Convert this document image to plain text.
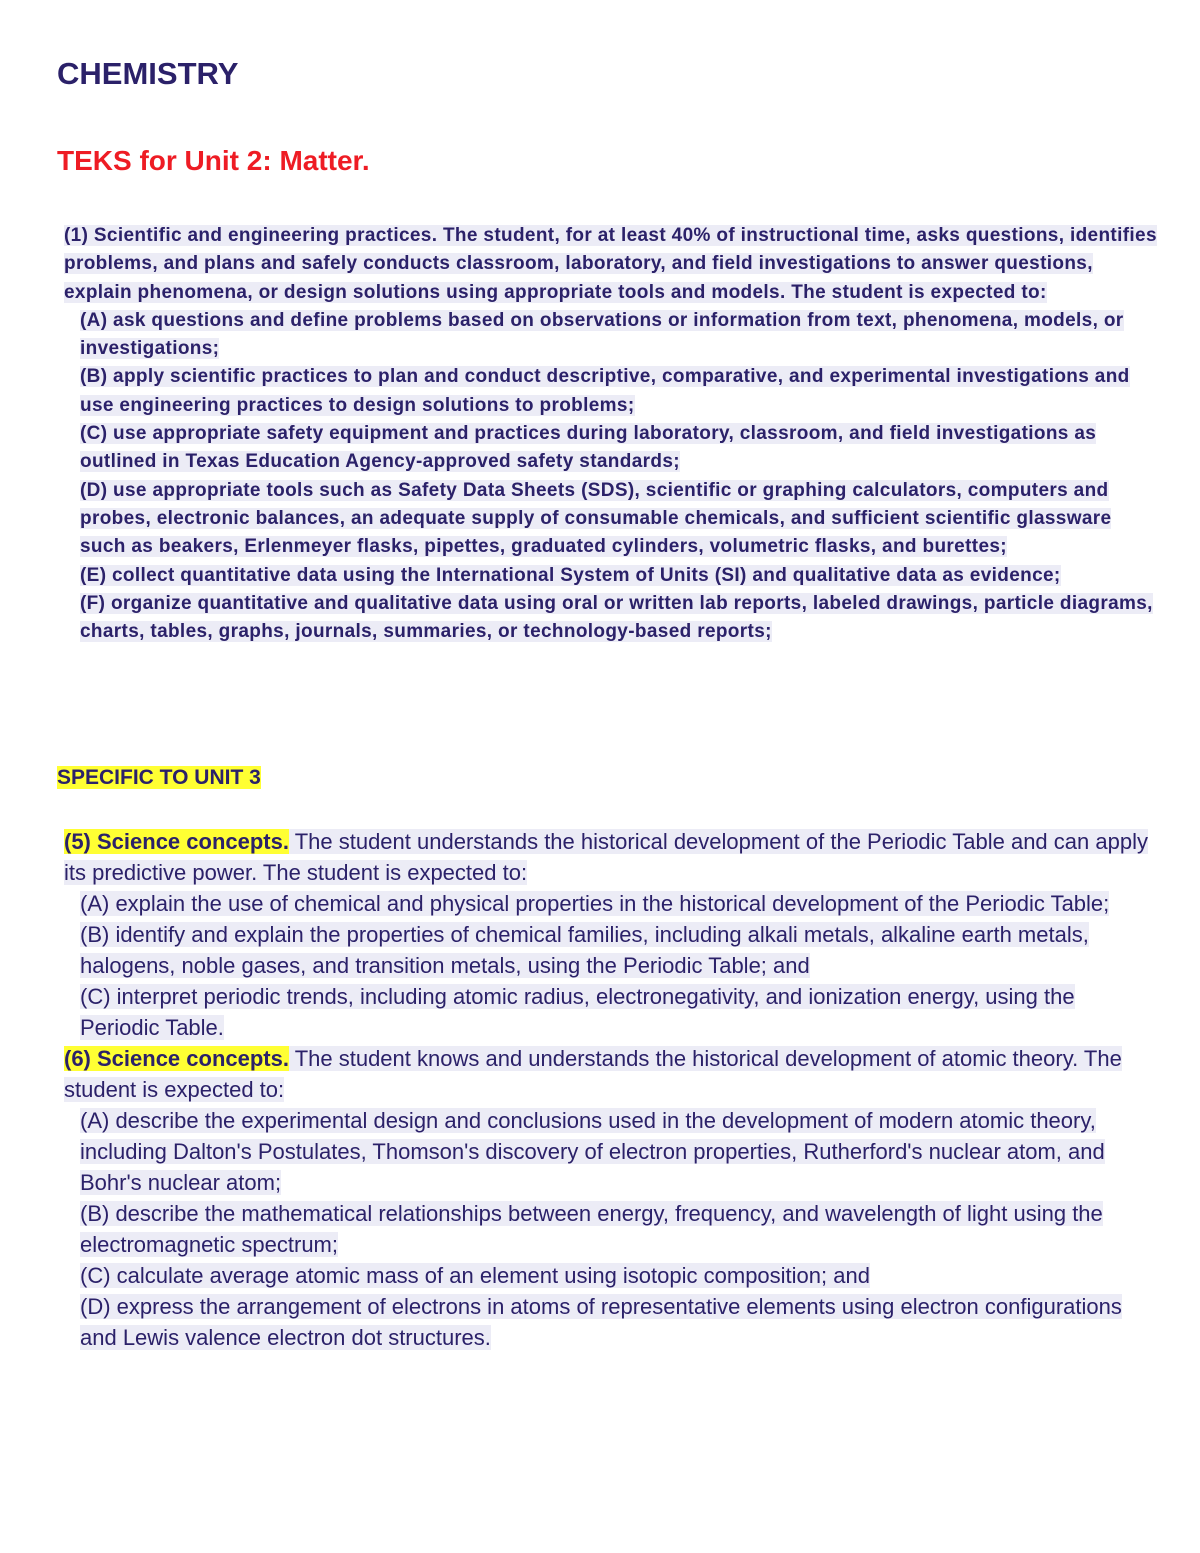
CHEMISTRY
TEKS for Unit 2: Matter.

(1) Scientific and engineering practices. The student, for at least 40% of instructional time, asks questions, identifies problems, and plans and safely conducts classroom, laboratory, and field investigations to answer questions, explain phenomena, or design solutions using appropriate tools and models. The student is expected to:

(A) ask questions and define problems based on observations or information from text, phenomena, models, or investigations;

(B) apply scientific practices to plan and conduct descriptive, comparative, and experimental investigations and use engineering practices to design solutions to problems;

(C) use appropriate safety equipment and practices during laboratory, classroom, and field investigations as outlined in Texas Education Agency-approved safety standards;

(D) use appropriate tools such as Safety Data Sheets (SDS), scientific or graphing calculators, computers and probes, electronic balances, an adequate supply of consumable chemicals, and sufficient scientific glassware such as beakers, Erlenmeyer flasks, pipettes, graduated cylinders, volumetric flasks, and burettes;

(E) collect quantitative data using the International System of Units (SI) and qualitative data as evidence;

(F) organize quantitative and qualitative data using oral or written lab reports, labeled drawings, particle diagrams, charts, tables, graphs, journals, summaries, or technology-based reports;

SPECIFIC TO UNIT 3

(5) Science concepts. The student understands the historical development of the Periodic Table and can apply its predictive power. The student is expected to:

(A) explain the use of chemical and physical properties in the historical development of the Periodic Table;

(B) identify and explain the properties of chemical families, including alkali metals, alkaline earth metals, halogens, noble gases, and transition metals, using the Periodic Table; and

(C) interpret periodic trends, including atomic radius, electronegativity, and ionization energy, using the Periodic Table.

(6) Science concepts. The student knows and understands the historical development of atomic theory. The student is expected to:

(A) describe the experimental design and conclusions used in the development of modern atomic theory, including Dalton's Postulates, Thomson's discovery of electron properties, Rutherford's nuclear atom, and Bohr's nuclear atom;

(B) describe the mathematical relationships between energy, frequency, and wavelength of light using the electromagnetic spectrum;

(C) calculate average atomic mass of an element using isotopic composition; and

(D) express the arrangement of electrons in atoms of representative elements using electron configurations and Lewis valence electron dot structures.
